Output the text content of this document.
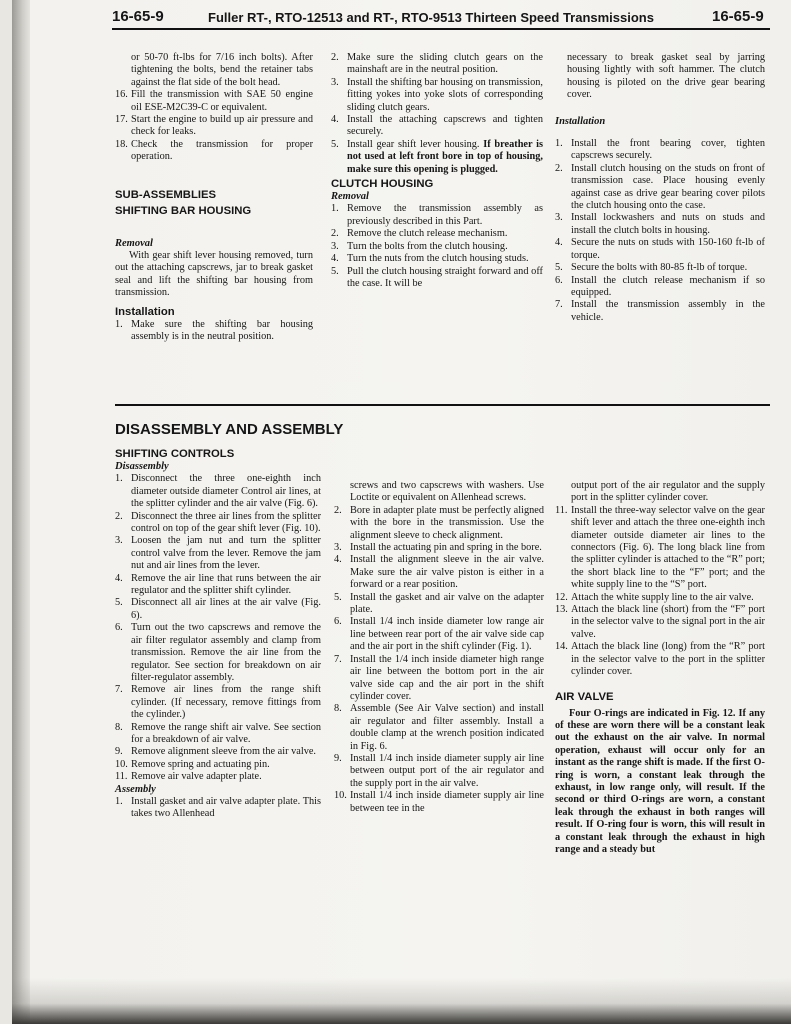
16-65-9	Fuller RT-, RTO-12513 and RT-, RTO-9513 Thirteen Speed Transmissions	16-65-9

or 50-70 ft-lbs for 7/16 inch bolts). After tightening the bolts, bend the retainer tabs against the flat side of the bolt head.

16. Fill the transmission with SAE 50 engine oil ESE-M2C39-C or equivalent.
17. Start the engine to build up air pressure and check for leaks.
18. Check the transmission for proper operation.

SUB-ASSEMBLIES

SHIFTING BAR HOUSING

Removal

With gear shift lever housing removed, turn out the attaching capscrews, jar to break gasket seal and lift the shifting bar housing from transmission.

Installation

1. Make sure the shifting bar housing assembly is in the neutral position.
2. Make sure the sliding clutch gears on the mainshaft are in the neutral position.
3. Install the shifting bar housing on transmission, fitting yokes into yoke slots of corresponding sliding clutch gears.
4. Install the attaching capscrews and tighten securely.
5. Install gear shift lever housing. If breather is not used at left front bore in top of housing, make sure this opening is plugged.

CLUTCH HOUSING

Removal

1. Remove the transmission assembly as previously described in this Part.
2. Remove the clutch release mechanism.
3. Turn the bolts from the clutch housing.
4. Turn the nuts from the clutch housing studs.
5. Pull the clutch housing straight forward and off the case. It will be

necessary to break gasket seal by jarring housing lightly with soft hammer. The clutch housing is piloted on the drive gear bearing cover.

Installation

1. Install the front bearing cover, tighten capscrews securely.
2. Install clutch housing on the studs on front of transmission case. Place housing evenly against case as drive gear bearing cover pilots the clutch housing onto the case.
3. Install lockwashers and nuts on studs and install the clutch bolts in housing.
4. Secure the nuts on studs with 150-160 ft-lb of torque.
5. Secure the bolts with 80-85 ft-lb of torque.
6. Install the clutch release mechanism if so equipped.
7. Install the transmission assembly in the vehicle.
DISASSEMBLY AND ASSEMBLY

SHIFTING CONTROLS

Disassembly

1. Disconnect the three one-eighth inch diameter outside diameter Control air lines, at the splitter cylinder and the air valve (Fig. 6).
2. Disconnect the three air lines from the splitter control on top of the gear shift lever (Fig. 10).
3. Loosen the jam nut and turn the splitter control valve from the lever. Remove the jam nut and air lines from the lever.
4. Remove the air line that runs between the air regulator and the splitter shift cylinder.
5. Disconnect all air lines at the air valve (Fig. 6).
6. Turn out the two capscrews and remove the air filter regulator assembly and clamp from transmission. Remove the air line from the regulator. See section for breakdown on air filter-regulator assembly.
7. Remove air lines from the range shift cylinder. (If necessary, remove fittings from the cylinder.)
8. Remove the range shift air valve. See section for a breakdown of air valve.
9. Remove alignment sleeve from the air valve.
10. Remove spring and actuating pin.
11. Remove air valve adapter plate.

Assembly

1. Install gasket and air valve adapter plate. This takes two Allenhead

screws and two capscrews with washers. Use Loctite or equivalent on Allenhead screws.

2. Bore in adapter plate must be perfectly aligned with the bore in the transmission. Use the alignment sleeve to check alignment.
3. Install the actuating pin and spring in the bore.
4. Install the alignment sleeve in the air valve. Make sure the air valve piston is either in a forward or a rear position.
5. Install the gasket and air valve on the adapter plate.
6. Install 1/4 inch inside diameter low range air line between rear port of the air valve side cap and the air port in the shift cylinder (Fig. 1).
7. Install the 1/4 inch inside diameter high range air line between the bottom port in the air valve side cap and the air port in the shift cylinder cover.
8. Assemble (See Air Valve section) and install air regulator and filter assembly. Install a double clamp at the wrench position indicated in Fig. 6.
9. Install 1/4 inch inside diameter supply air line between output port of the air regulator and the supply port in the air valve.
10. Install 1/4 inch inside diameter supply air line between tee in the

output port of the air regulator and the supply port in the splitter cylinder cover.

11. Install the three-way selector valve on the gear shift lever and attach the three one-eighth inch diameter outside diameter air lines to the connectors (Fig. 6). The long black line from the splitter cylinder is attached to the “R” port; the short black line to the “F” port; and the white supply line to the “S” port.
12. Attach the white supply line to the air valve.
13. Attach the black line (short) from the “F” port in the selector valve to the signal port in the air valve.
14. Attach the black line (long) from the “R” port in the selector valve to the port in the splitter cylinder cover.

AIR VALVE

Four O-rings are indicated in Fig. 12. If any of these are worn there will be a constant leak out the exhaust on the air valve. In normal operation, exhaust will occur only for an instant as the range shift is made. If the first O-ring is worn, a constant leak through the exhaust, in low range only, will result. If the second or third O-rings are worn, a constant leak through the exhaust in both ranges will result. If O-ring four is worn, this will result in a constant leak through the exhaust in high range and a steady but
